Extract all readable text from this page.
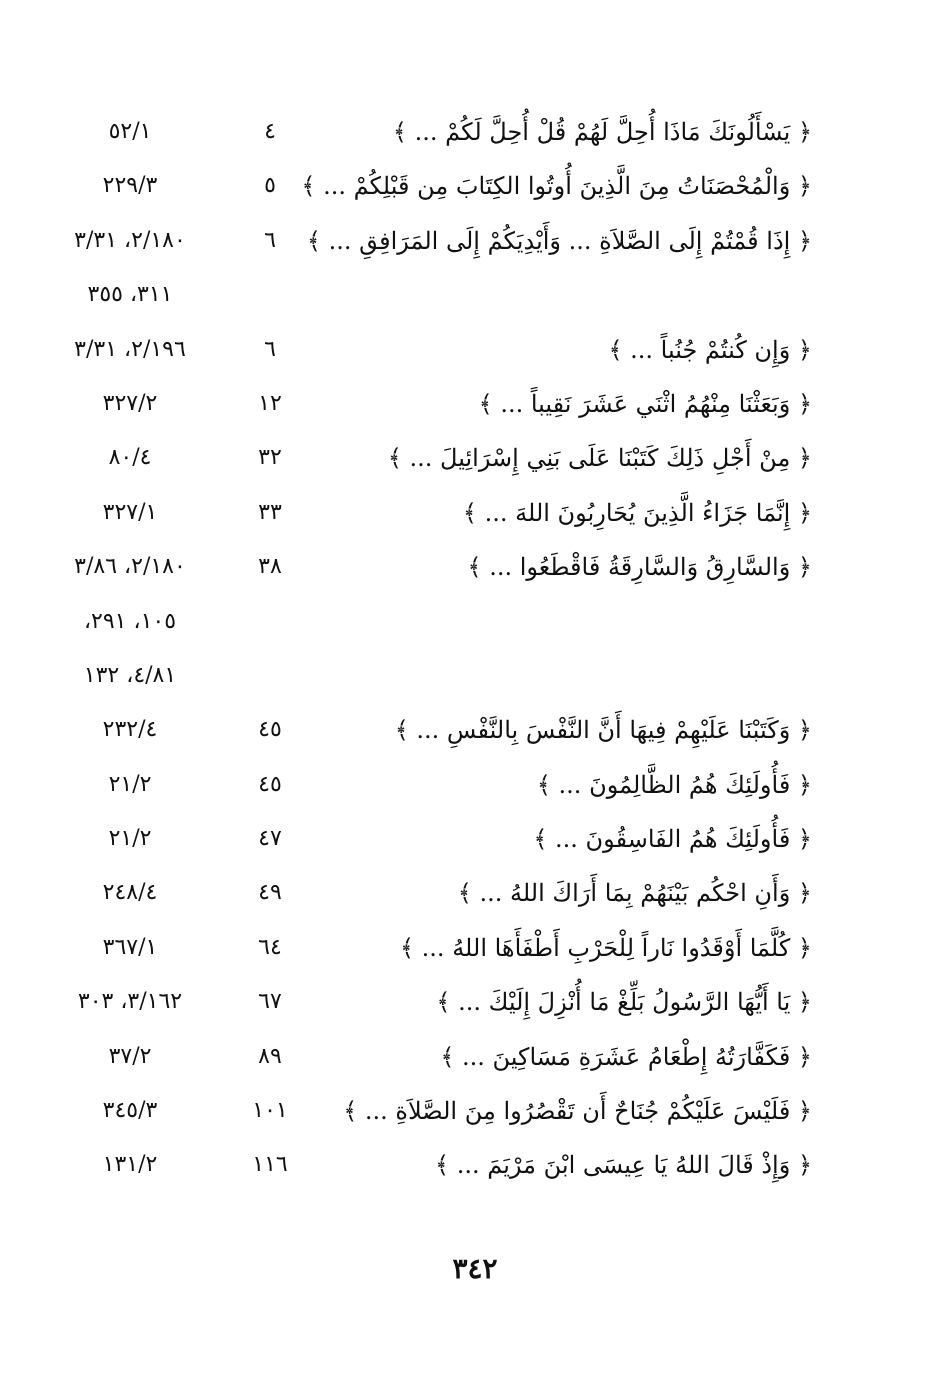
﴿ يَسْأَلُونَكَ مَاذَا أُحِلَّ لَهُمْ قُلْ أُحِلَّ لَكُمْ ... ﴾
٤
٥٢/١
﴿ وَالْمُحْصَنَاتُ مِنَ الَّذِينَ أُوتُوا الكِتَابَ مِن قَبْلِكُمْ ... ﴾
٥
٢٢٩/٣
﴿ إِذَا قُمْتُمْ إِلَى الصَّلاَةِ ... وَأَيْدِيَكُمْ إِلَى المَرَافِقِ ... ﴾
٦
٢/١٨٠، ٣/٣١
٣١١، ٣٥٥
﴿ وَإِن كُنتُمْ جُنُباً ... ﴾
٦
٢/١٩٦، ٣/٣١
﴿ وَبَعَثْنَا مِنْهُمُ اثْنَي عَشَرَ نَقِيباً ... ﴾
١٢
٣٢٧/٢
﴿ مِنْ أَجْلِ ذَلِكَ كَتَبْنَا عَلَى بَنِي إِسْرَائِيلَ ... ﴾
٣٢
٨٠/٤
﴿ إِنَّمَا جَزَاءُ الَّذِينَ يُحَارِبُونَ اللهَ ... ﴾
٣٣
٣٢٧/١
﴿ وَالسَّارِقُ وَالسَّارِقَةُ فَاقْطَعُوا ... ﴾
٣٨
٢/١٨٠، ٣/٨٦
١٠٥، ٢٩١،
٤/٨١، ١٣٢
﴿ وَكَتَبْنَا عَلَيْهِمْ فِيهَا أَنَّ النَّفْسَ بِالنَّفْسِ ... ﴾
٤٥
٢٣٢/٤
﴿ فَأُولَئِكَ هُمُ الظَّالِمُونَ ... ﴾
٤٥
٢١/٢
﴿ فَأُولَئِكَ هُمُ الفَاسِقُونَ ... ﴾
٤٧
٢١/٢
﴿ وَأَنِ احْكُم بَيْنَهُمْ بِمَا أَرَاكَ اللهُ ... ﴾
٤٩
٢٤٨/٤
﴿ كُلَّمَا أَوْقَدُوا نَاراً لِلْحَرْبِ أَطْفَأَهَا اللهُ ... ﴾
٦٤
٣٦٧/١
﴿ يَا أَيُّهَا الرَّسُولُ بَلِّغْ مَا أُنْزِلَ إِلَيْكَ ... ﴾
٦٧
٣/١٦٢، ٣٠٣
﴿ فَكَفَّارَتُهُ إِطْعَامُ عَشَرَةِ مَسَاكِينَ ... ﴾
٨٩
٣٧/٢
﴿ فَلَيْسَ عَلَيْكُمْ جُنَاحٌ أَن تَقْصُرُوا مِنَ الصَّلاَةِ ... ﴾
١٠١
٣٤٥/٣
﴿ وَإِذْ قَالَ اللهُ يَا عِيسَى ابْنَ مَرْيَمَ ... ﴾
١١٦
١٣١/٢
٣٤٢
